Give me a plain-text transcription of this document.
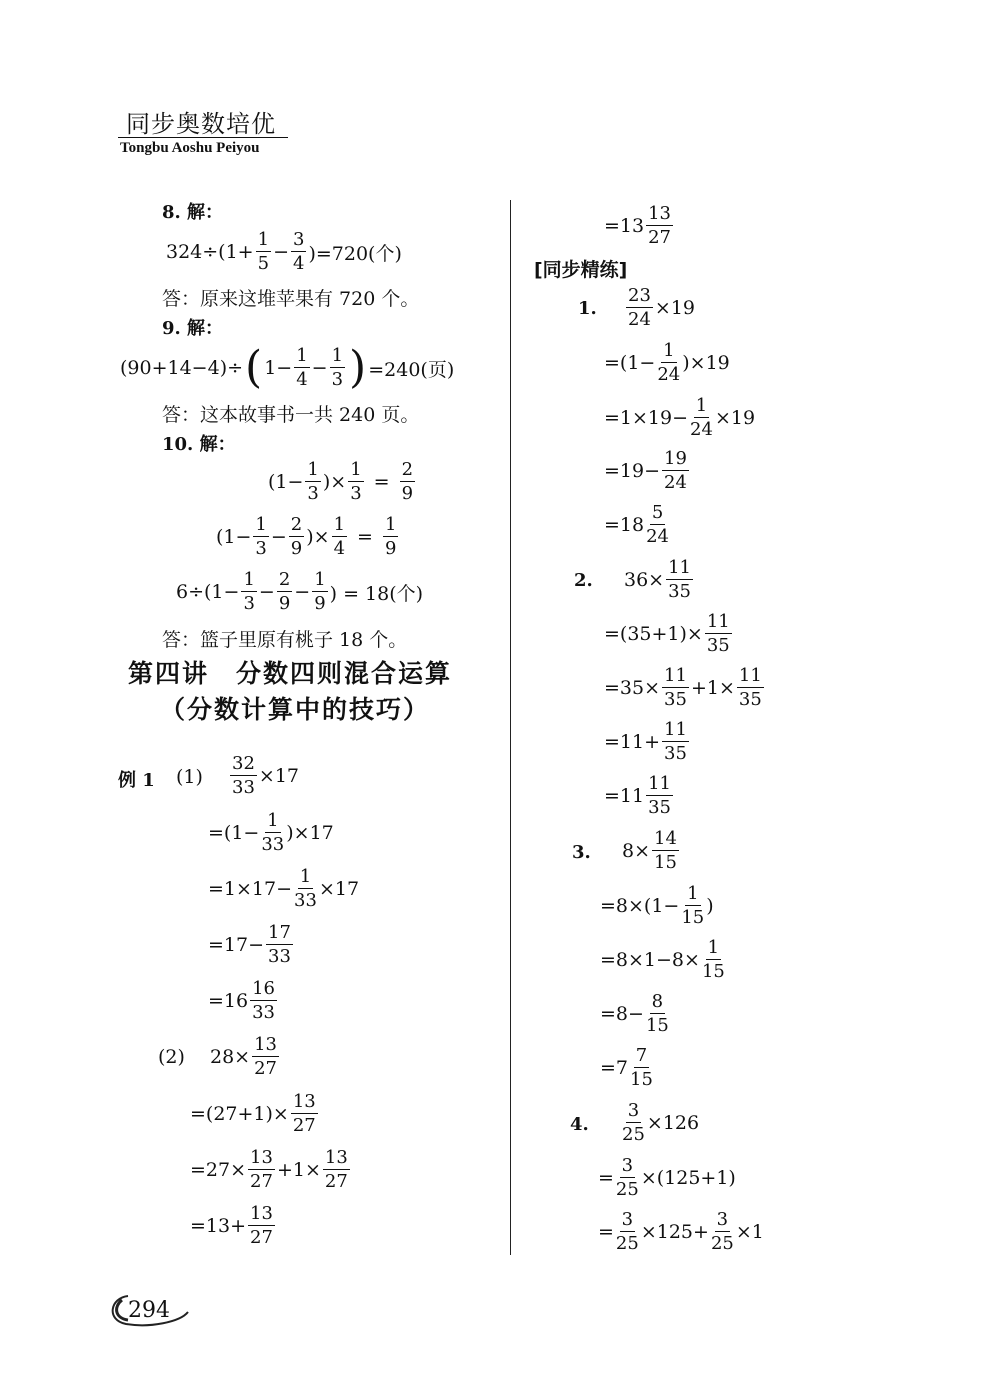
同步奥数培优
Tongbu Aoshu Peiyou
8. 解：
$324\div(1+ \frac{1}{5} - \frac{3}{4} )=720$(个)
答：原来这堆苹果有 720 个。
9. 解：
(90+14−4)÷ ( $1- \frac{1}{4} - \frac{1}{3}$ ) =240(页)
答：这本故事书一共 240 页。
10. 解：
($1- \frac{1}{3}$ )× $\frac{1}{3} = \frac{2}{9}$
($1- \frac{1}{3} - \frac{2}{9}$ )× $\frac{1}{4} = \frac{1}{9}$
$6\div(1- \frac{1}{3} - \frac{2}{9} - \frac{1}{9}$ ) = 18(个)
答：篮子里原有桃子 18 个。
第四讲　分数四则混合运算
（分数计算中的技巧）
例 1 $(1) \frac{32}{33} \times 17$
$=(1- \frac{1}{33} )\times 17$
$=1\times 17- \frac{1}{33} \times 17$
$=17- \frac{17}{33}$
=16
16
33
(2) $28\times \frac{13}{27}$
$=(27+1)\times \frac{13}{27}$
$=27\times \frac{13}{27} +1\times \frac{13}{27}$
$=13+ \frac{13}{27}$
=13
13
27
[同步精练]
1. $\frac{23}{24} \times 19$
$=(1- \frac{1}{24} )\times 19$
$=1\times 19- \frac{1}{24} \times 19$
$=19- \frac{19}{24}$
=18
5
24
2. $36\times \frac{11}{35}$
$=(35+1)\times \frac{11}{35}$
$=35\times \frac{11}{35} +1\times \frac{11}{35}$
$=11+ \frac{11}{35}$
=11
11
35
3. $8\times \frac{14}{15}$
$=8\times(1- \frac{1}{15}$ )
$=8\times 1-8\times \frac{1}{15}$
$=8- \frac{8}{15}$
=7
7
15
4. $\frac{3}{25} \times 126$
= $\frac{3}{25} \times(125+1)$
= $\frac{3}{25} \times 125+ \frac{3}{25} \times 1$
294
